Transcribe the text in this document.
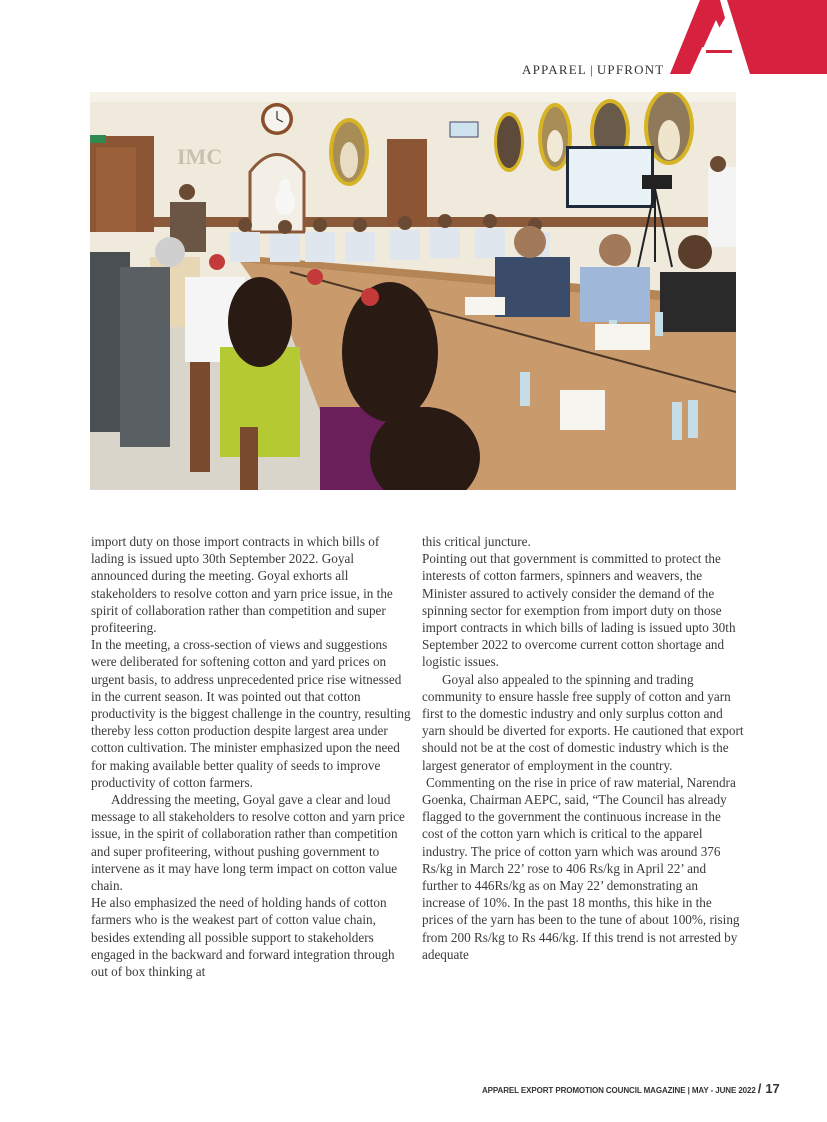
APPAREL | UPFRONT
IMC

import duty on those import contracts in which bills of lading is issued upto 30th September 2022. Goyal announced during the meeting. Goyal exhorts all stakeholders to resolve cotton and yarn price issue, in the spirit of collaboration rather than competition and super profiteering.

In the meeting, a cross-section of views and suggestions were deliberated for softening cotton and yard prices on urgent basis, to address unprecedented price rise witnessed in the current season. It was pointed out that cotton productivity is the biggest challenge in the country, resulting thereby less cotton production despite largest area under cotton cultivation. The minister emphasized upon the need for making available better quality of seeds to improve productivity of cotton farmers.

Addressing the meeting, Goyal gave a clear and loud message to all stakeholders to resolve cotton and yarn price issue, in the spirit of collaboration rather than competition and super profiteering, without pushing government to intervene as it may have long term impact on cotton value chain.

He also emphasized the need of holding hands of cotton farmers who is the weakest part of cotton value chain, besides extending all possible support to stakeholders engaged in the backward and forward integration through out of box thinking at

this critical juncture.

Pointing out that government is committed to protect the interests of cotton farmers, spinners and weavers, the Minister assured to actively consider the demand of the spinning sector for exemption from import duty on those import contracts in which bills of lading is issued upto 30th September 2022 to overcome current cotton shortage and logistic issues.

Goyal also appealed to the spinning and trading community to ensure hassle free supply of cotton and yarn first to the domestic industry and only surplus cotton and yarn should be diverted for exports. He cautioned that export should not be at the cost of domestic industry which is the largest generator of employment in the country.

Commenting on the rise in price of raw material, Narendra Goenka, Chairman AEPC, said, “The Council has already flagged to the government the continuous increase in the cost of the cotton yarn which is critical to the apparel industry. The price of cotton yarn which was around 376 Rs/kg in March 22’ rose to 406 Rs/kg in April 22’ and further to 446Rs/kg as on May 22’ demonstrating an increase of 10%. In the past 18 months, this hike in the prices of the yarn has been to the tune of about 100%, rising from 200 Rs/kg to Rs 446/kg. If this trend is not arrested by adequate

APPAREL EXPORT PROMOTION COUNCIL MAGAZINE | MAY - JUNE 2022 / 17
